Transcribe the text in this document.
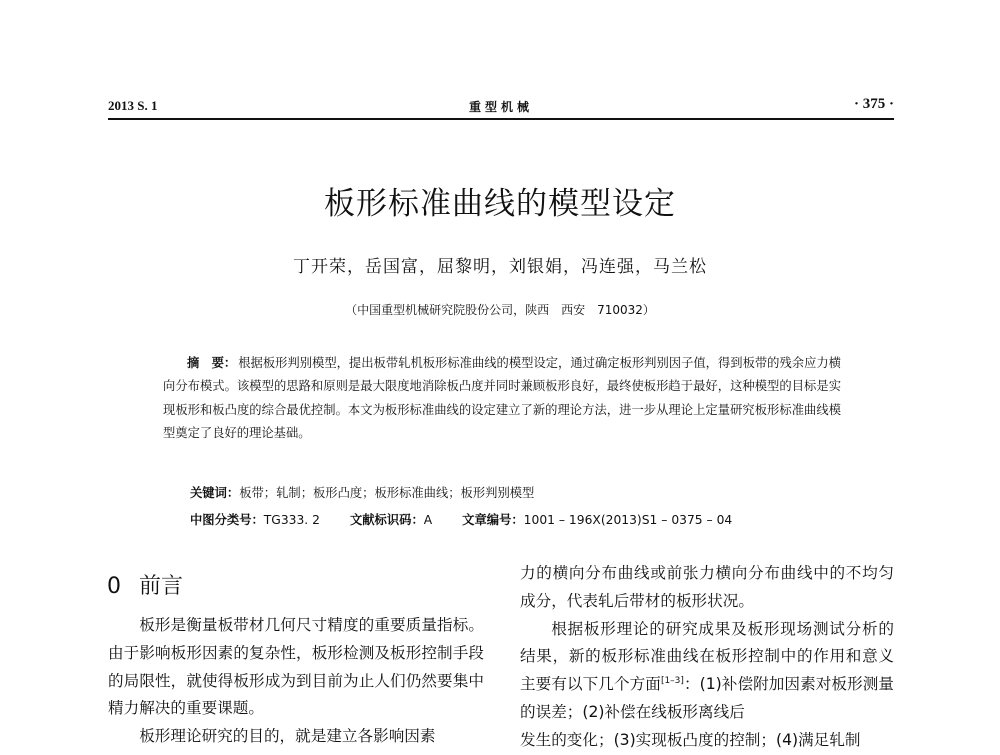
2013 S. 1	重型机械	· 375 ·
板形标准曲线的模型设定
丁开荣，岳国富，屈黎明，刘银娟，冯连强，马兰松
（中国重型机械研究院股份公司，陕西　西安　710032）
摘　要： 根据板形判别模型，提出板带轧机板形标准曲线的模型设定，通过确定板形判别因子值，得到板带的残余应力横向分布模式。该模型的思路和原则是最大限度地消除板凸度并同时兼顾板形良好，最终使板形趋于最好，这种模型的目标是实现板形和板凸度的综合最优控制。本文为板形标准曲线的设定建立了新的理论方法，进一步从理论上定量研究板形标准曲线模型奠定了良好的理论基础。
关键词：板带；轧制；板形凸度；板形标准曲线；板形判别模型
中图分类号：TG333. 2 文献标识码：A 文章编号：1001 – 196X(2013)S1 – 0375 – 04
0 前言

板形是衡量板带材几何尺寸精度的重要质量指标。由于影响板形因素的复杂性，板形检测及板形控制手段的局限性，就使得板形成为到目前为止人们仍然要集中精力解决的重要课题。

板形理论研究的目的，就是建立各影响因素

力的横向分布曲线或前张力横向分布曲线中的不均匀成分，代表轧后带材的板形状况。

根据板形理论的研究成果及板形现场测试分析的结果，新的板形标准曲线在板形控制中的作用和意义主要有以下几个方面[1–3]：(1)补偿附加因素对板形测量的误差；(2)补偿在线板形离线后

发生的变化；(3)实现板凸度的控制；(4)满足轧制
